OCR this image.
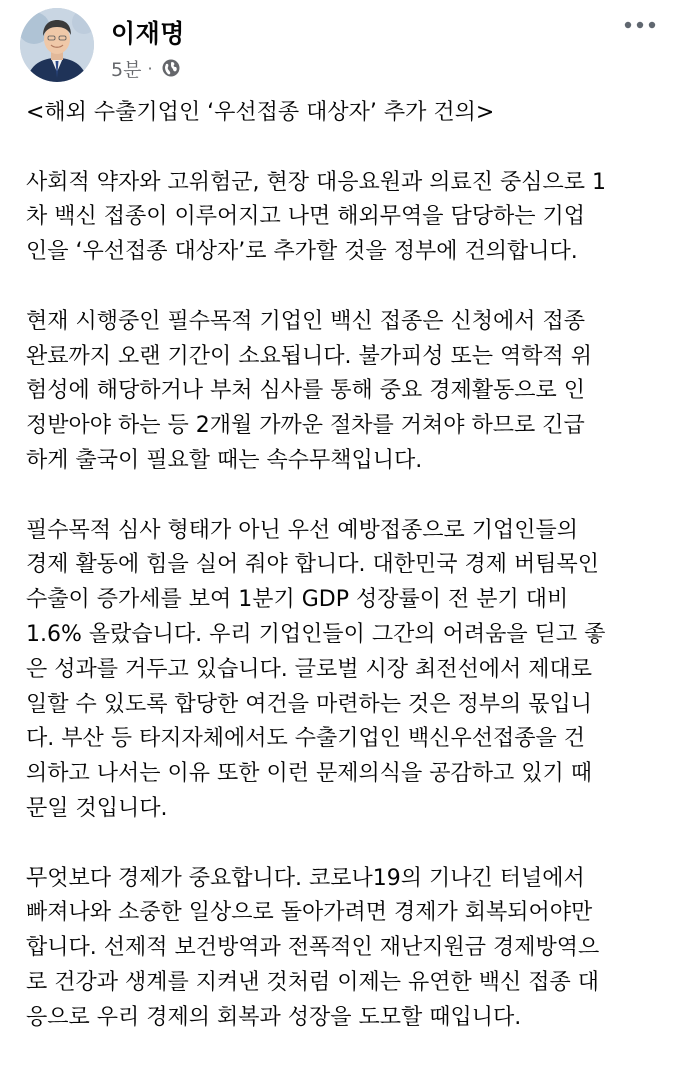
이재명
5분 ·

<해외 수출기업인 ‘우선접종 대상자’ 추가 건의>

사회적 약자와 고위험군, 현장 대응요원과 의료진 중심으로 1
차 백신 접종이 이루어지고 나면 해외무역을 담당하는 기업
인을 ‘우선접종 대상자’로 추가할 것을 정부에 건의합니다.

현재 시행중인 필수목적 기업인 백신 접종은 신청에서 접종
완료까지 오랜 기간이 소요됩니다. 불가피성 또는 역학적 위
험성에 해당하거나 부처 심사를 통해 중요 경제활동으로 인
정받아야 하는 등 2개월 가까운 절차를 거쳐야 하므로 긴급
하게 출국이 필요할 때는 속수무책입니다.

필수목적 심사 형태가 아닌 우선 예방접종으로 기업인들의
경제 활동에 힘을 실어 줘야 합니다. 대한민국 경제 버팀목인
수출이 증가세를 보여 1분기 GDP 성장률이 전 분기 대비
1.6% 올랐습니다. 우리 기업인들이 그간의 어려움을 딛고 좋
은 성과를 거두고 있습니다. 글로벌 시장 최전선에서 제대로
일할 수 있도록 합당한 여건을 마련하는 것은 정부의 몫입니
다. 부산 등 타지자체에서도 수출기업인 백신우선접종을 건
의하고 나서는 이유 또한 이런 문제의식을 공감하고 있기 때
문일 것입니다.

무엇보다 경제가 중요합니다. 코로나19의 기나긴 터널에서
빠져나와 소중한 일상으로 돌아가려면 경제가 회복되어야만
합니다. 선제적 보건방역과 전폭적인 재난지원금 경제방역으
로 건강과 생계를 지켜낸 것처럼 이제는 유연한 백신 접종 대
응으로 우리 경제의 회복과 성장을 도모할 때입니다.
